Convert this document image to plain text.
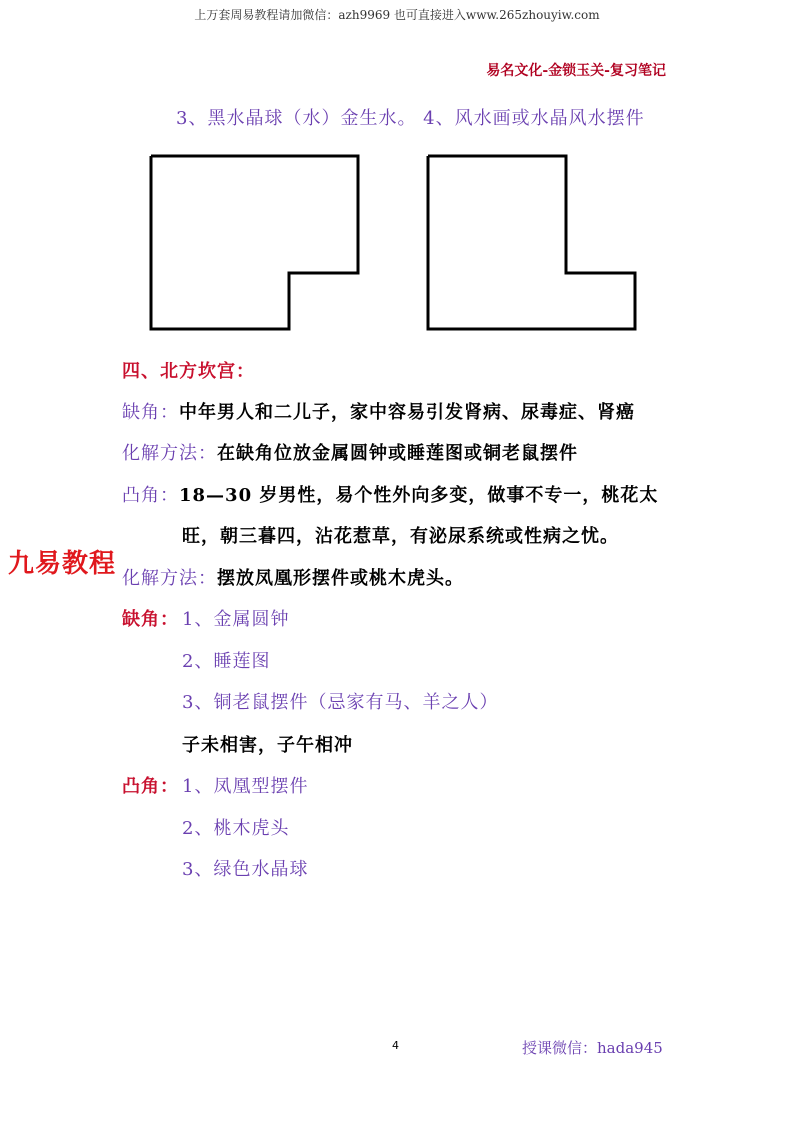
上万套周易教程请加微信：azh9969 也可直接进入www.265zhouyiw.com
易名文化-金锁玉关-复习笔记
3、黑水晶球（水）金生水。 4、风水画或水晶风水摆件
四、北方坎宫：
缺角：中年男人和二儿子，家中容易引发肾病、尿毒症、肾癌
化解方法：在缺角位放金属圆钟或睡莲图或铜老鼠摆件
凸角：18—30 岁男性，易个性外向多变，做事不专一，桃花太
旺，朝三暮四，沾花惹草，有泌尿系统或性病之忧。
化解方法：摆放凤凰形摆件或桃木虎头。
九易教程
缺角： 1、金属圆钟
2、睡莲图
3、铜老鼠摆件（忌家有马、羊之人）
子未相害，子午相冲
凸角： 1、凤凰型摆件
2、桃木虎头
3、绿色水晶球
4	授课微信：hada945
